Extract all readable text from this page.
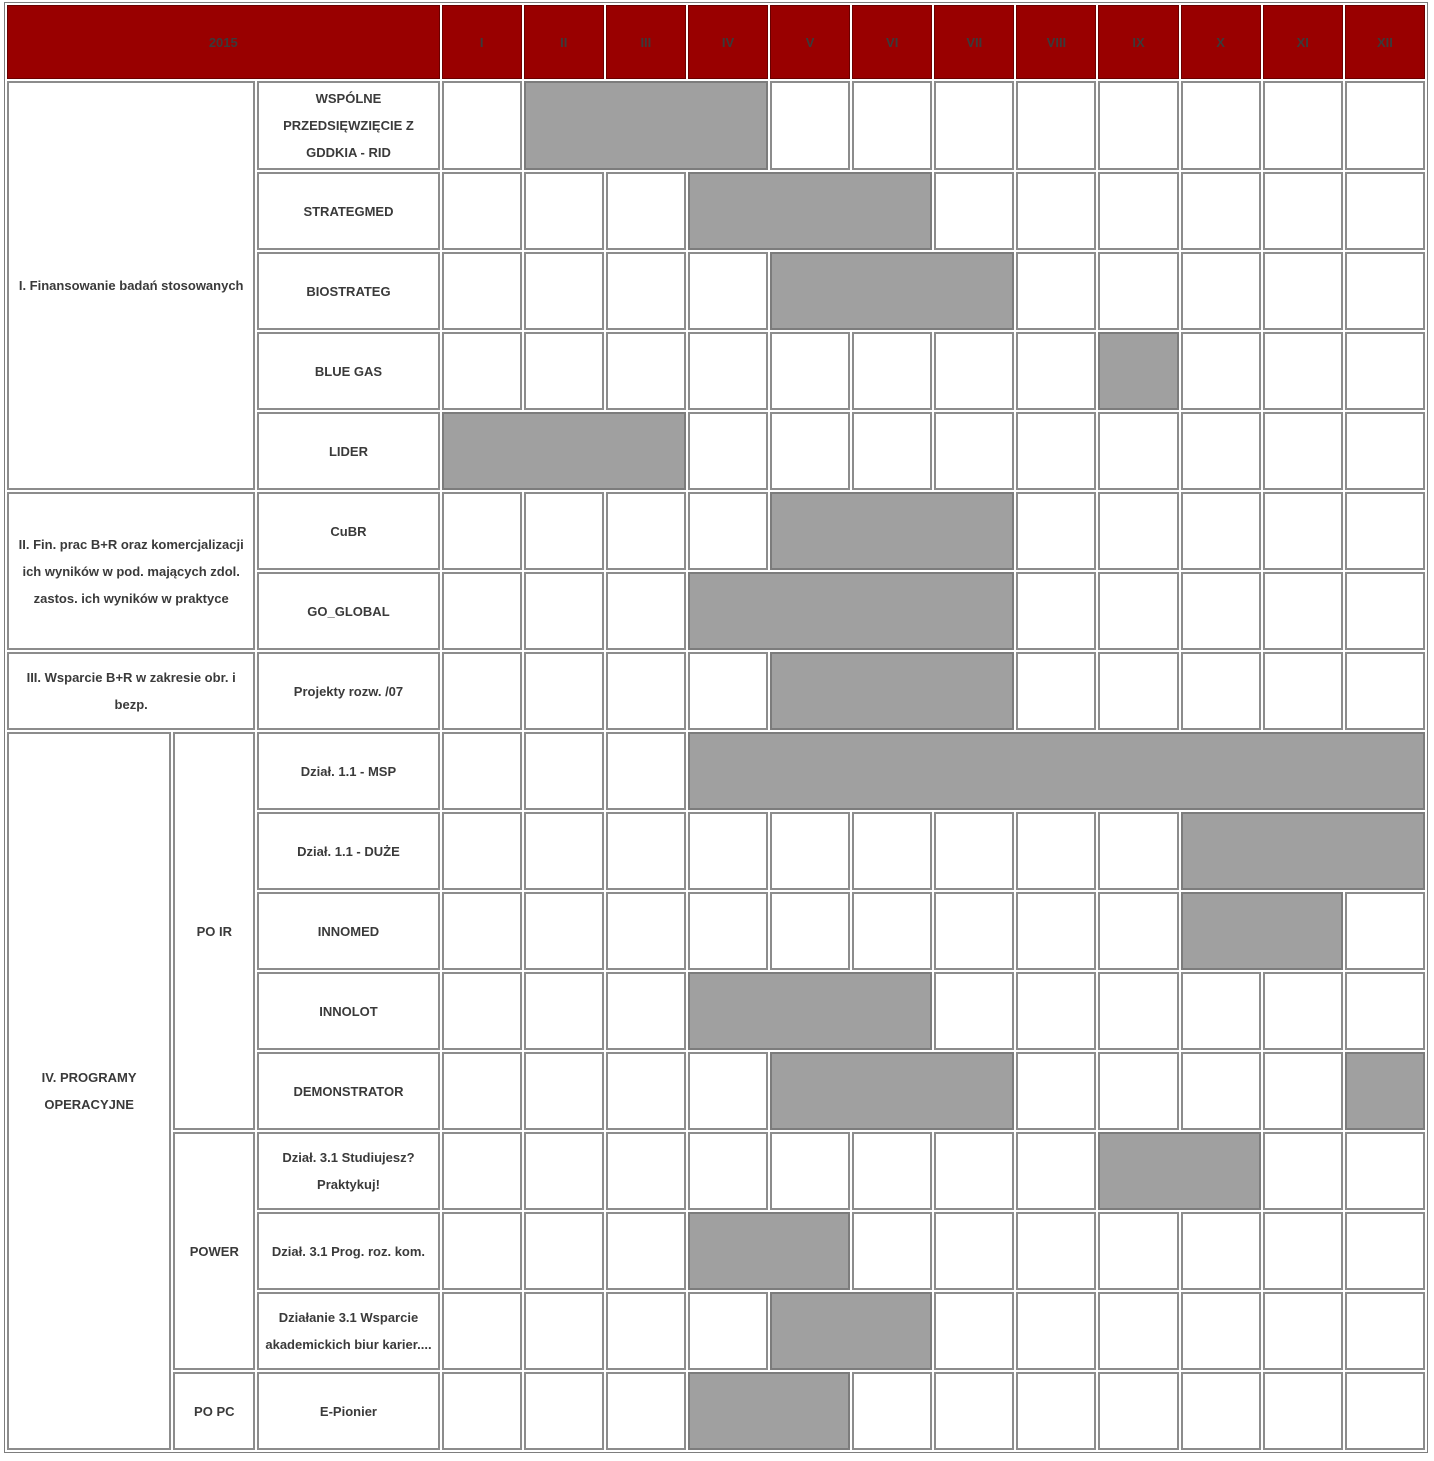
2015			I	II	III	IV	V	VI	VII	VIII	IX	X	XI	XII
I. Finansowanie badań stosowanych		WSPÓLNE PRZEDSIĘWZIĘCIE Z GDDKIA - RID												
		STRATEGMED												
		BIOSTRATEG												
		BLUE GAS												
		LIDER												
II. Fin. prac B+R oraz komercjalizacji ich wyników w pod. mających zdol. zastos. ich wyników w praktyce		CuBR												
		GO_GLOBAL												
III. Wsparcie B+R w zakresie obr. i bezp.		Projekty rozw. /07												
IV. PROGRAMY OPERACYJNE	PO IR	Dział. 1.1 - MSP												
		Dział. 1.1 - DUŻE												
		INNOMED												
		INNOLOT												
		DEMONSTRATOR												
	POWER	Dział. 3.1 Studiujesz? Praktykuj!												
		Dział. 3.1 Prog. roz. kom.												
		Działanie 3.1 Wsparcie akademickich biur karier....												
	PO PC	E-Pionier												
